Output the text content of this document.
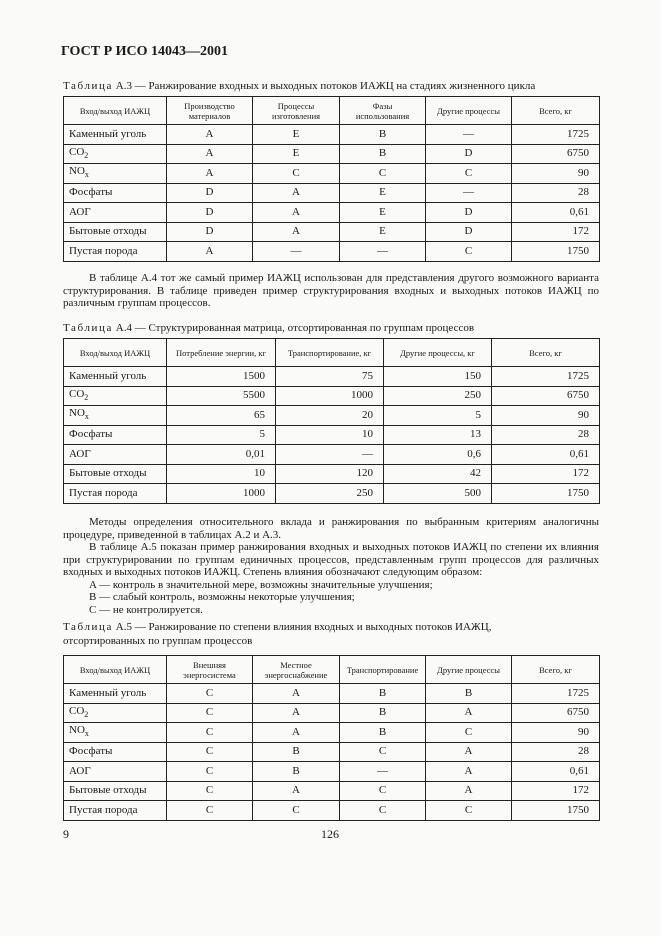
ГОСТ Р ИСО 14043—2001
Таблица А.3 — Ранжирование входных и выходных потоков ИАЖЦ на стадиях жизненного цикла
Вход/выход ИАЖЦ	Производство материалов	Процессы изготовления	Фазы использования	Другие процессы	Всего, кг
Каменный уголь	A	E	B	—	1725
$CO_2$	A	E	B	D	6750
$NO_x$	A	C	C	C	90
Фосфаты	D	A	E	—	28
АОГ	D	A	E	D	0,61
Бытовые отходы	D	A	E	D	172
Пустая порода	A	—	—	C	1750

В таблице А.4 тот же самый пример ИАЖЦ использован для представления другого возможного варианта структурирования. В таблице приведен пример структурирования входных и выходных потоков ИАЖЦ по различным группам процессов.

Таблица А.4 — Структурированная матрица, отсортированная по группам процессов
Вход/выход ИАЖЦ	Потребление энергии, кг	Транспортирование, кг	Другие процессы, кг	Всего, кг
Каменный уголь	1500	75	150	1725
$CO_2$	5500	1000	250	6750
$NO_x$	65	20	5	90
Фосфаты	5	10	13	28
АОГ	0,01	—	0,6	0,61
Бытовые отходы	10	120	42	172
Пустая порода	1000	250	500	1750

Методы определения относительного вклада и ранжирования по выбранным критериям аналогичны процедуре, приведенной в таблицах А.2 и А.3.

В таблице А.5 показан пример ранжирования входных и выходных потоков ИАЖЦ по степени их влияния при структурировании по группам единичных процессов, представленным групп процессов для различных входных и выходных потоков ИАЖЦ. Степень влияния обозначают следующим образом:

A — контроль в значительной мере, возможны значительные улучшения;

B — слабый контроль, возможны некоторые улучшения;

C — не контролируется.

Таблица А.5 — Ранжирование по степени влияния входных и выходных потоков ИАЖЦ, отсортированных по группам процессов
Вход/выход ИАЖЦ	Внешняя энергосистема	Местное энергоснабжение	Транспортирование	Другие процессы	Всего, кг
Каменный уголь	C	A	B	B	1725
$CO_2$	C	A	B	A	6750
$NO_x$	C	A	B	C	90
Фосфаты	C	B	C	A	28
АОГ	C	B	—	A	0,61
Бытовые отходы	C	A	C	A	172
Пустая порода	C	C	C	C	1750
9	126
